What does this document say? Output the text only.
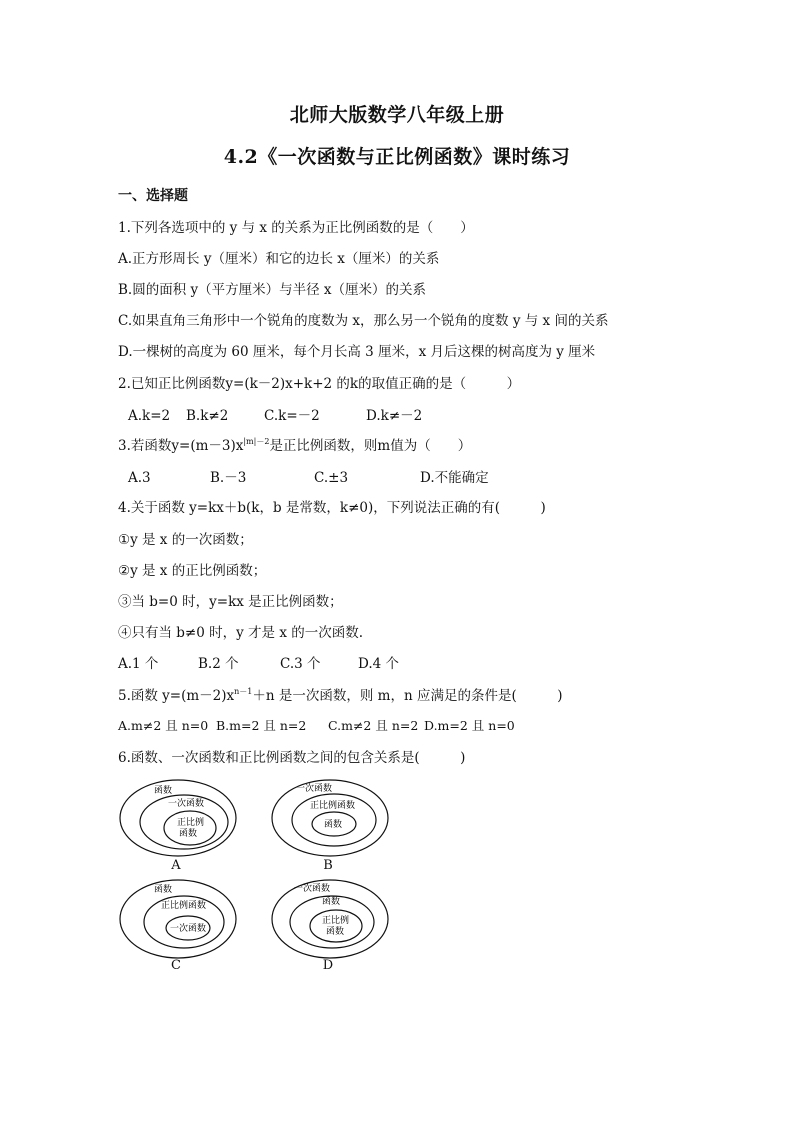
北师大版数学八年级上册
4.2《一次函数与正比例函数》课时练习
一、选择题
1.下列各选项中的 y 与 x 的关系为正比例函数的是（　　）
A.正方形周长 y（厘米）和它的边长 x（厘米）的关系
B.圆的面积 y（平方厘米）与半径 x（厘米）的关系
C.如果直角三角形中一个锐角的度数为 x，那么另一个锐角的度数 y 与 x 间的关系
D.一棵树的高度为 60 厘米，每个月长高 3 厘米，x 月后这棵的树高度为 y 厘米
2.已知正比例函数y=(k－2)x+k+2 的k的取值正确的是（　　　）
A.k=2 B.k≠2	C.k=－2	D.k≠－2
3.若函数$y=(m-3)x^{|m|-2}$是正比例函数，则m值为（　　）
A.3	B.－3	C.±3	D.不能确定
4.关于函数 y=kx＋b(k，b 是常数，k≠0)，下列说法正确的有(　　　)
①y 是 x 的一次函数；
②y 是 x 的正比例函数；
③当 b=0 时，y=kx 是正比例函数；
④只有当 b≠0 时，y 才是 x 的一次函数.
A.1 个	B.2 个	C.3 个	D.4 个
5.函数 $y=(m-2)x^{n-1}+n$ 是一次函数，则 m，n 应满足的条件是(　　　)
A.m≠2 且 n=0 B.m=2 且 n=2 C.m≠2 且 n=2 D.m=2 且 n=0
6.函数、一次函数和正比例函数之间的包含关系是(　　　)
函数
一次函数
正比例
函数
A
一次函数
正比例函数
函数
B
函数
正比例函数
一次函数
C
一次函数
函数
正比例
函数
D
